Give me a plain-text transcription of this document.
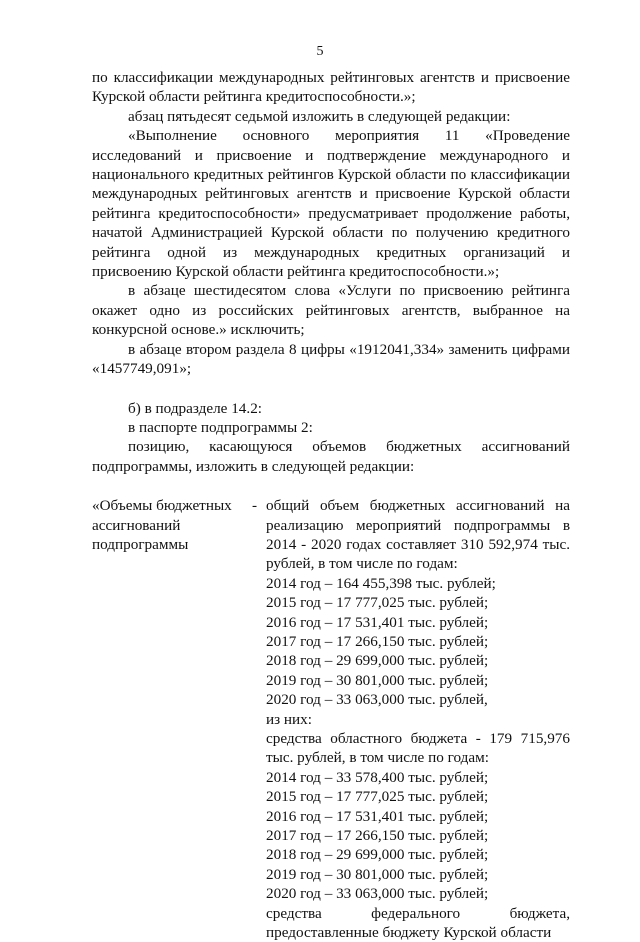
5

по классификации международных рейтинговых агентств и присвоение Курской области рейтинга кредитоспособности.»;

абзац пятьдесят седьмой изложить в следующей редакции:

«Выполнение основного мероприятия 11 «Проведение исследований и присвоение и подтверждение международного и национального кредитных рейтингов Курской области по классификации международных рейтинговых агентств и присвоение Курской области рейтинга кредитоспособности» предусматривает продолжение работы, начатой Администрацией Курской области по получению кредитного рейтинга одной из международных кредитных организаций и присвоению Курской области рейтинга кредитоспособности.»;

в абзаце шестидесятом слова «Услуги по присвоению рейтинга окажет одно из российских рейтинговых агентств, выбранное на конкурсной основе.» исключить;

в абзаце втором раздела 8 цифры «1912041,334» заменить цифрами «1457749,091»;

б) в подразделе 14.2:

в паспорте подпрограммы 2:

позицию, касающуюся объемов бюджетных ассигнований подпрограммы, изложить в следующей редакции:

«Объемы бюджетных
ассигнований
подпрограммы
- общий объем бюджетных ассигнований на реализацию мероприятий подпрограммы в 2014 - 2020 годах составляет 310 592,974 тыс. рублей, в том числе по годам:
2014 год – 164 455,398 тыс. рублей;
2015 год – 17 777,025 тыс. рублей;
2016 год – 17 531,401 тыс. рублей;
2017 год – 17 266,150 тыс. рублей;
2018 год – 29 699,000 тыс. рублей;
2019 год – 30 801,000 тыс. рублей;
2020 год – 33 063,000 тыс. рублей,
из них:
средства областного бюджета - 179 715,976 тыс. рублей, в том числе по годам:
2014 год – 33 578,400 тыс. рублей;
2015 год – 17 777,025 тыс. рублей;
2016 год – 17 531,401 тыс. рублей;
2017 год – 17 266,150 тыс. рублей;
2018 год – 29 699,000 тыс. рублей;
2019 год – 30 801,000 тыс. рублей;
2020 год – 33 063,000 тыс. рублей;
средства федерального бюджета, предоставленные бюджету Курской области
